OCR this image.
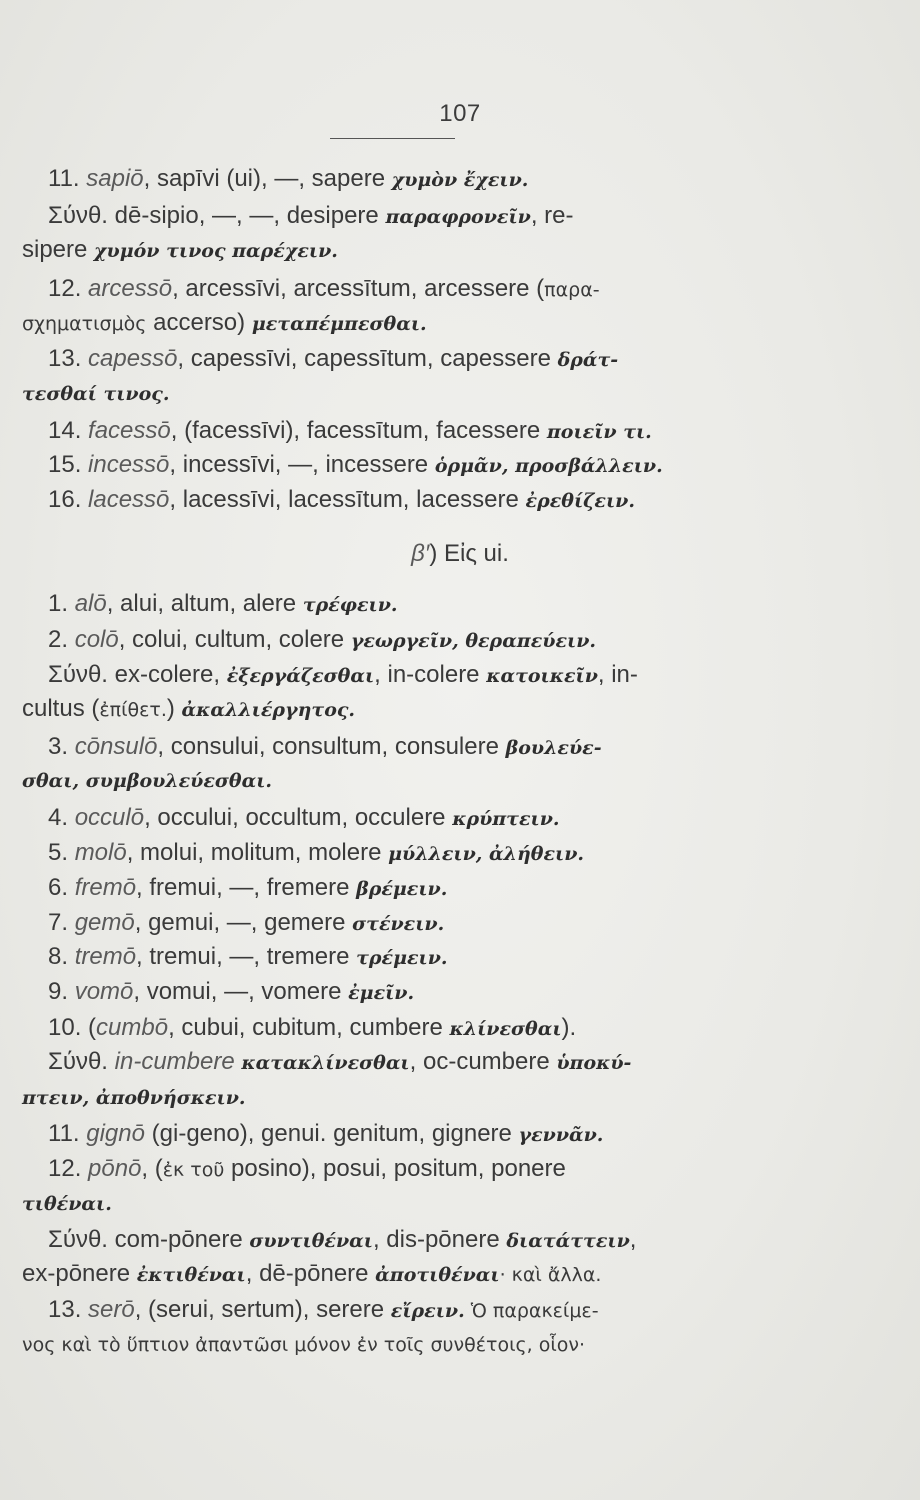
107
11. sapiō, sapīvi (ui), —, sapere χυμὸν ἔχειν.
Σύνθ. dē-sipio, —, —, desipere παραφρονεῖν, re-
sipere χυμόν τινος παρέχειν.
12. arcessō, arcessīvi, arcessītum, arcessere (παρα-
σχηματισμὸς accerso) μεταπέμπεσθαι.
13. capessō, capessīvi, capessītum, capessere δράτ-
τεσθαί τινος.
14. facessō, (facessīvi), facessītum, facessere ποιεῖν τι.
15. incessō, incessīvi, —, incessere ὁρμᾶν, προσβάλλειν.
16. lacessō, lacessīvi, lacessītum, lacessere ἐρεθίζειν.
β′) Εἰς ui.
1. alō, alui, altum, alere τρέφειν.
2. colō, colui, cultum, colere γεωργεῖν, θεραπεύειν.
Σύνθ. ex-colere, ἐξεργάζεσθαι, in-colere κατοικεῖν, in-
cultus (ἐπίθετ.) ἀκαλλιέργητος.
3. cōnsulō, consului, consultum, consulere βουλεύε-
σθαι, συμβουλεύεσθαι.
4. occulō, occului, occultum, occulere κρύπτειν.
5. molō, molui, molitum, molere μύλλειν, ἀλήθειν.
6. fremō, fremui, —, fremere βρέμειν.
7. gemō, gemui, —, gemere στένειν.
8. tremō, tremui, —, tremere τρέμειν.
9. vomō, vomui, —, vomere ἐμεῖν.
10. (cumbō, cubui, cubitum, cumbere κλίνεσθαι).
Σύνθ. in-cumbere κατακλίνεσθαι, oc-cumbere ὑποκύ-
πτειν, ἀποθνήσκειν.
11. gignō (gi-geno), genui. genitum, gignere γεννᾶν.
12. pōnō, (ἐκ τοῦ posino), posui, positum, ponere
τιθέναι.
Σύνθ. com-pōnere συντιθέναι, dis-pōnere διατάττειν,
ex-pōnere ἐκτιθέναι, dē-pōnere ἀποτιθέναι· καὶ ἄλλα.
13. serō, (serui, sertum), serere εἴρειν. Ὁ παρακείμε-
νος καὶ τὸ ὕπτιον ἀπαντῶσι μόνον ἐν τοῖς συνθέτοις, οἷον·
